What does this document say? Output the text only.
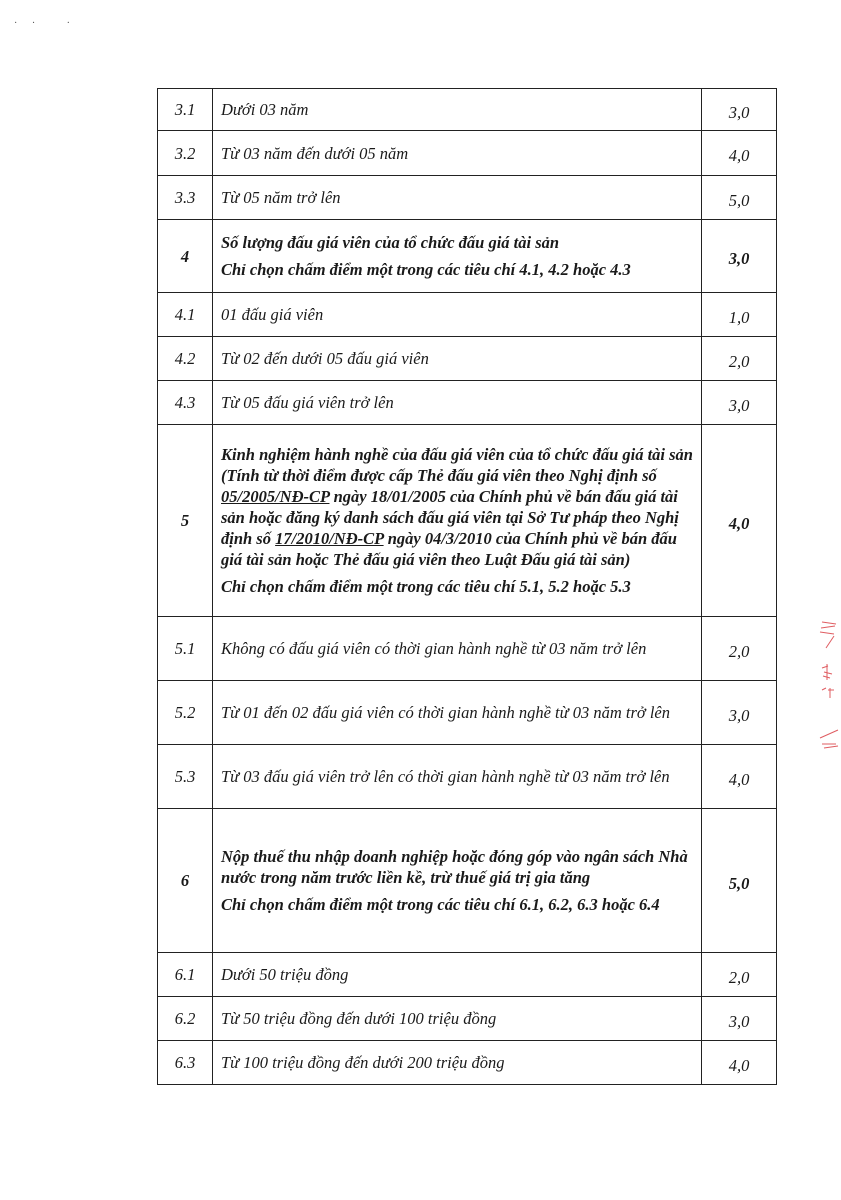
· ·   ·
3.1	Dưới 03 năm	3,0
3.2	Từ 03 năm đến dưới 05 năm	4,0
3.3	Từ 05 năm trở lên	5,0
4	Số lượng đấu giá viên của tổ chức đấu giá tài sản
Chỉ chọn chấm điểm một trong các tiêu chí 4.1, 4.2 hoặc 4.3	3,0
4.1	01 đấu giá viên	1,0
4.2	Từ 02 đến dưới 05 đấu giá viên	2,0
4.3	Từ 05 đấu giá viên trở lên	3,0
5	Kinh nghiệm hành nghề của đấu giá viên của tổ chức đấu giá tài sản (Tính từ thời điểm được cấp Thẻ đấu giá viên theo Nghị định số 05/2005/NĐ-CP ngày 18/01/2005 của Chính phủ về bán đấu giá tài sản hoặc đăng ký danh sách đấu giá viên tại Sở Tư pháp theo Nghị định số 17/2010/NĐ-CP ngày 04/3/2010 của Chính phủ về bán đấu giá tài sản hoặc Thẻ đấu giá viên theo Luật Đấu giá tài sản)
Chỉ chọn chấm điểm một trong các tiêu chí 5.1, 5.2 hoặc 5.3	4,0
5.1	Không có đấu giá viên có thời gian hành nghề từ 03 năm trở lên	2,0
5.2	Từ 01 đến 02 đấu giá viên có thời gian hành nghề từ 03 năm trở lên	3,0
5.3	Từ 03 đấu giá viên trở lên có thời gian hành nghề từ 03 năm trở lên	4,0
6	Nộp thuế thu nhập doanh nghiệp hoặc đóng góp vào ngân sách Nhà nước trong năm trước liền kề, trừ thuế giá trị gia tăng
Chỉ chọn chấm điểm một trong các tiêu chí 6.1, 6.2, 6.3 hoặc 6.4	5,0
6.1	Dưới 50 triệu đồng	2,0
6.2	Từ 50 triệu đồng đến dưới 100 triệu đồng	3,0
6.3	Từ 100 triệu đồng đến dưới 200 triệu đồng	4,0
